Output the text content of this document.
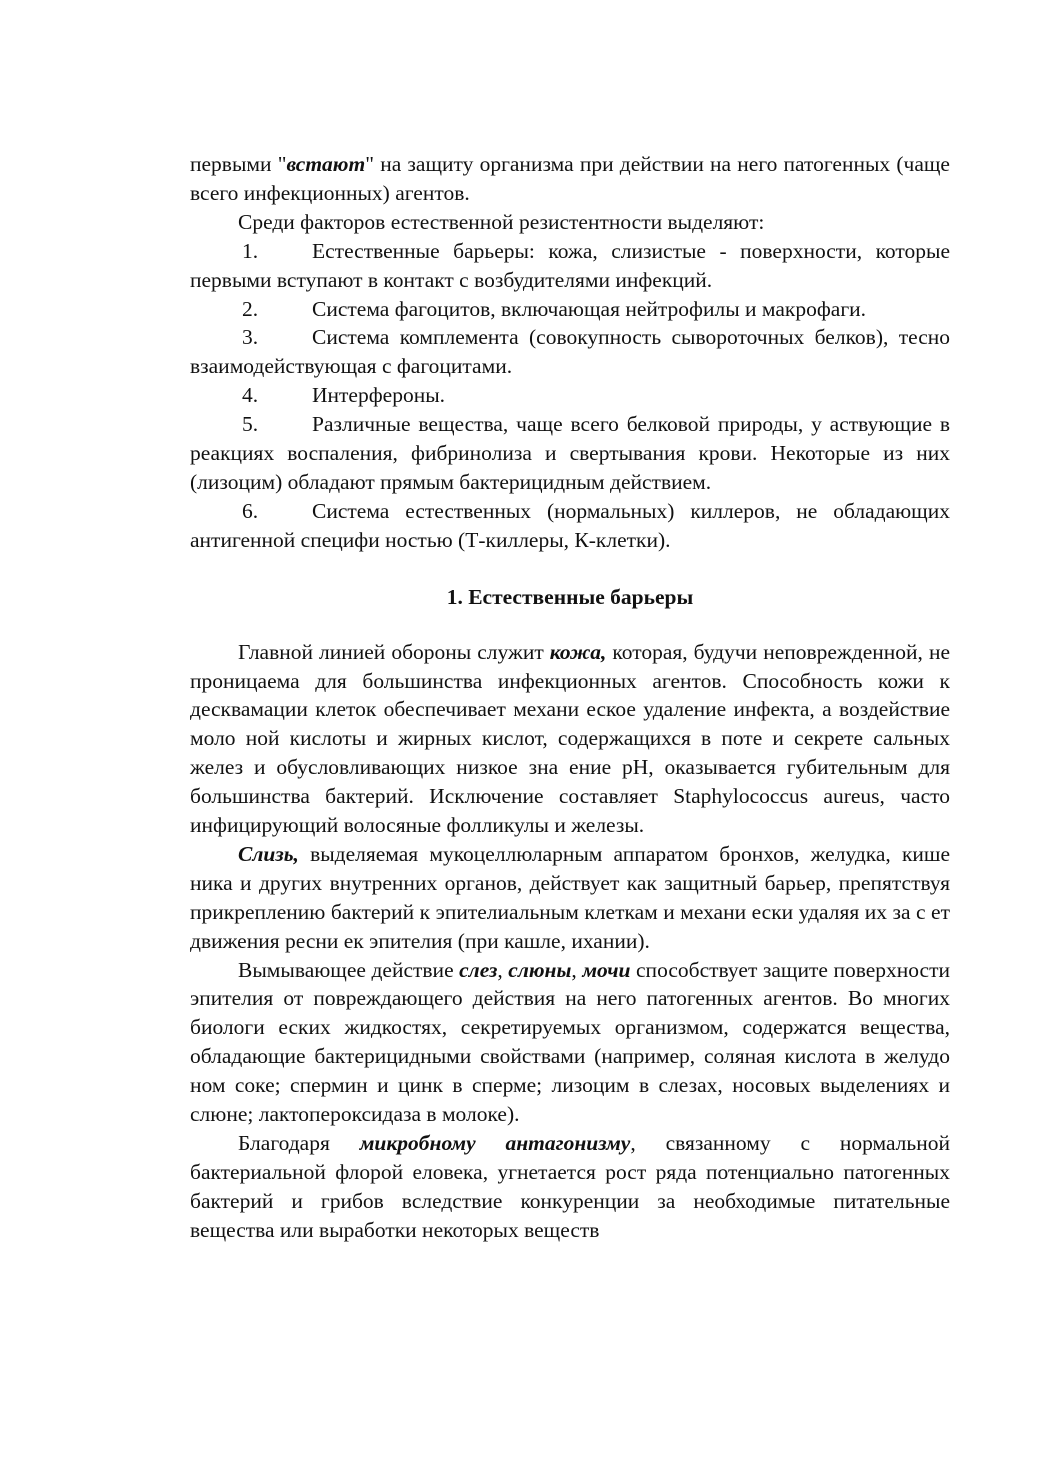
первыми "встают" на защиту организма при действии на него патогенных (чаще всего инфекционных) агентов.

Среди факторов естественной резистентности выделяют:

1.	Естественные барьеры: кожа, слизистые - поверхности, которые первыми вступают в контакт с возбудителями инфекций.

2.	Система фагоцитов, включающая нейтрофилы и макрофаги.

3.	Система комплемента (совокупность сывороточных белков), тесно взаимодействующая с фагоцитами.

4.	Интерфероны.

5.	Различные вещества, чаще всего белковой природы, у аствующие в реакциях воспаления, фибринолиза и свертывания крови. Некоторые из них (лизоцим) обладают прямым бактерицидным действием.

6.	Система естественных (нормальных) киллеров, не обладающих антигенной специфи ностью (Т-киллеры, К-клетки).

1. Естественные барьеры

Главной линией обороны служит кожа, которая, будучи неповрежденной, не проницаема для большинства инфекционных агентов. Способность кожи к десквамации клеток обеспечивает механи еское удаление инфекта, а воздействие моло ной кислоты и жирных кислот, содержащихся в поте и секрете сальных желез и обусловливающих низкое зна ение рН, оказывается губительным для большинства бактерий. Исключение составляет Staphylococcus aureus, часто инфицирующий волосяные фолликулы и железы.

Слизь, выделяемая мукоцеллюларным аппаратом бронхов, желудка, кише ника и других внутренних органов, действует как защитный барьер, препятствуя прикреплению бактерий к эпителиальным клеткам и механи ески удаляя их за с ет движения ресни ек эпителия (при кашле, ихании).

Вымывающее действие слез, слюны, мочи способствует защите поверхности эпителия от повреждающего действия на него патогенных агентов. Во многих биологи еских жидкостях, секретируемых организмом, содержатся вещества, обладающие бактерицидными свойствами (например, соляная кислота в желудо ном соке; спермин и цинк в сперме; лизоцим в слезах, носовых выделениях и слюне; лактопероксидаза в молоке).

Благодаря микробному антагонизму, связанному с нормальной бактериальной флорой еловека, угнетается рост ряда потенциально патогенных бактерий и грибов вследствие конкуренции за необходимые питательные вещества или выработки некоторых веществ
